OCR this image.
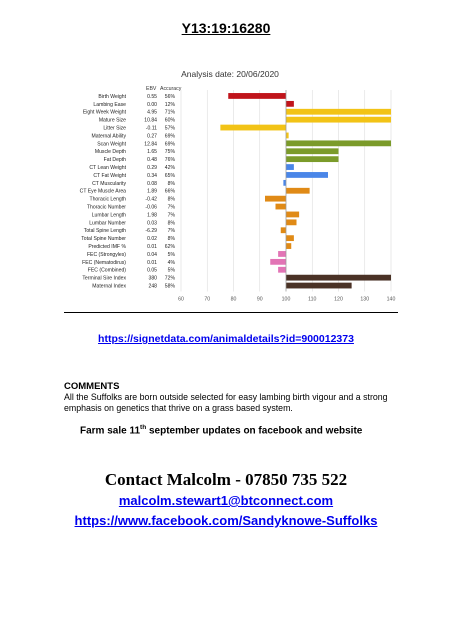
Y13:19:16280
Analysis date: 20/06/2020
EBV Accuracy
60	70	80	90	100	110	120	130	140
Birth Weight	0.55 56%
Lambing Ease	0.00 12%
Eight Week Weight	4.95 71%
Mature Size	10.84 60%
Litter Size	-0.11 57%
Maternal Ability	0.27 69%
Scan Weight	12.84 69%
Muscle Depth	1.65 75%
Fat Depth	0.48 76%
CT Lean Weight	0.29 42%
CT Fat Weight	0.34 65%
CT Muscularity	0.08 8%
CT Eye Muscle Area	1.89 66%
Thoracic Length	-0.42 8%
Thoracic Number	-0.06 7%
Lumbar Length	1.98 7%
Lumbar Number	0.03 8%
Total Spine Length	-6.29 7%
Total Spine Number	0.02 8%
Predicted IMF %	0.01 62%
FEC (Strongyles)	0.04 5%
FEC (Nematodirus)	0.01 4%
FEC (Combined)	0.05 5%
Terminal Sire Index	380 72%
Maternal Index	248 58%
https://signetdata.com/animaldetails?id=900012373
COMMENTS
All the Suffolks are born outside selected for easy lambing birth vigour and a strong emphasis on genetics that thrive on a grass based system.
Farm sale 11th september updates on facebook and website
Contact Malcolm - 07850 735 522
malcolm.stewart1@btconnect.com
https://www.facebook.com/Sandyknowe-Suffolks
